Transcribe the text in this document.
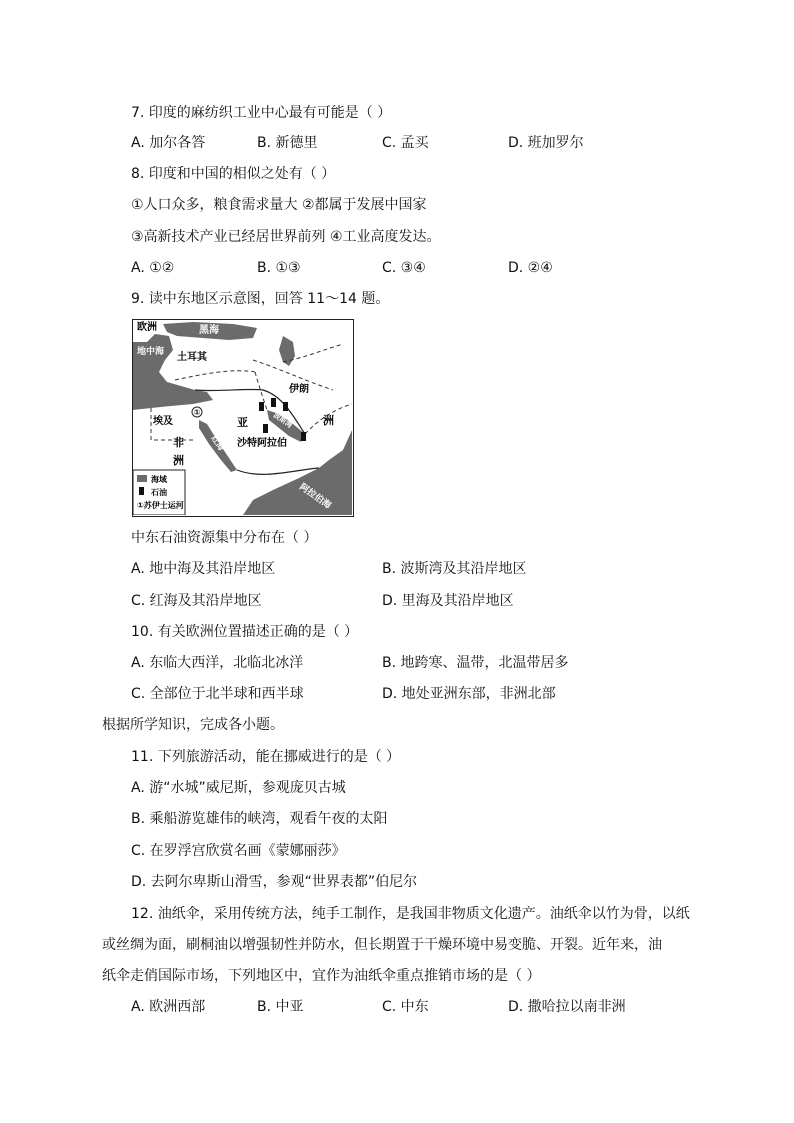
7. 印度的麻纺织工业中心最有可能是（ ）
A. 加尔各答	B. 新德里	C. 孟买	D. 班加罗尔
8. 印度和中国的相似之处有（ ）
①人口众多，粮食需求量大 ②都属于发展中国家
③高新技术产业已经居世界前列 ④工业高度发达。
A. ①②	B. ①③	C. ③④	D. ②④
9. 读中东地区示意图，回答 11～14 题。
①
欧洲	黑海
地中海 土耳其
伊朗
亚	洲
埃及
非
洲
沙特阿拉伯
阿拉伯海
红海
波斯湾
海域
石油
①苏伊士运河
中东石油资源集中分布在（ ）
A. 地中海及其沿岸地区	B. 波斯湾及其沿岸地区
C. 红海及其沿岸地区	D. 里海及其沿岸地区
10. 有关欧洲位置描述正确的是（ ）
A. 东临大西洋，北临北冰洋	B. 地跨寒、温带，北温带居多
C. 全部位于北半球和西半球	D. 地处亚洲东部，非洲北部
根据所学知识，完成各小题。
11. 下列旅游活动，能在挪威进行的是（ ）
A. 游“水城”威尼斯，参观庞贝古城
B. 乘船游览雄伟的峡湾，观看午夜的太阳
C. 在罗浮宫欣赏名画《蒙娜丽莎》
D. 去阿尔卑斯山滑雪，参观“世界表都”伯尼尔
12. 油纸伞，采用传统方法，纯手工制作，是我国非物质文化遗产。油纸伞以竹为骨，以纸
或丝绸为面，刷桐油以增强韧性并防水，但长期置于干燥环境中易变脆、开裂。近年来，油
纸伞走俏国际市场，下列地区中，宜作为油纸伞重点推销市场的是（ ）
A. 欧洲西部	B. 中亚	C. 中东	D. 撒哈拉以南非洲
